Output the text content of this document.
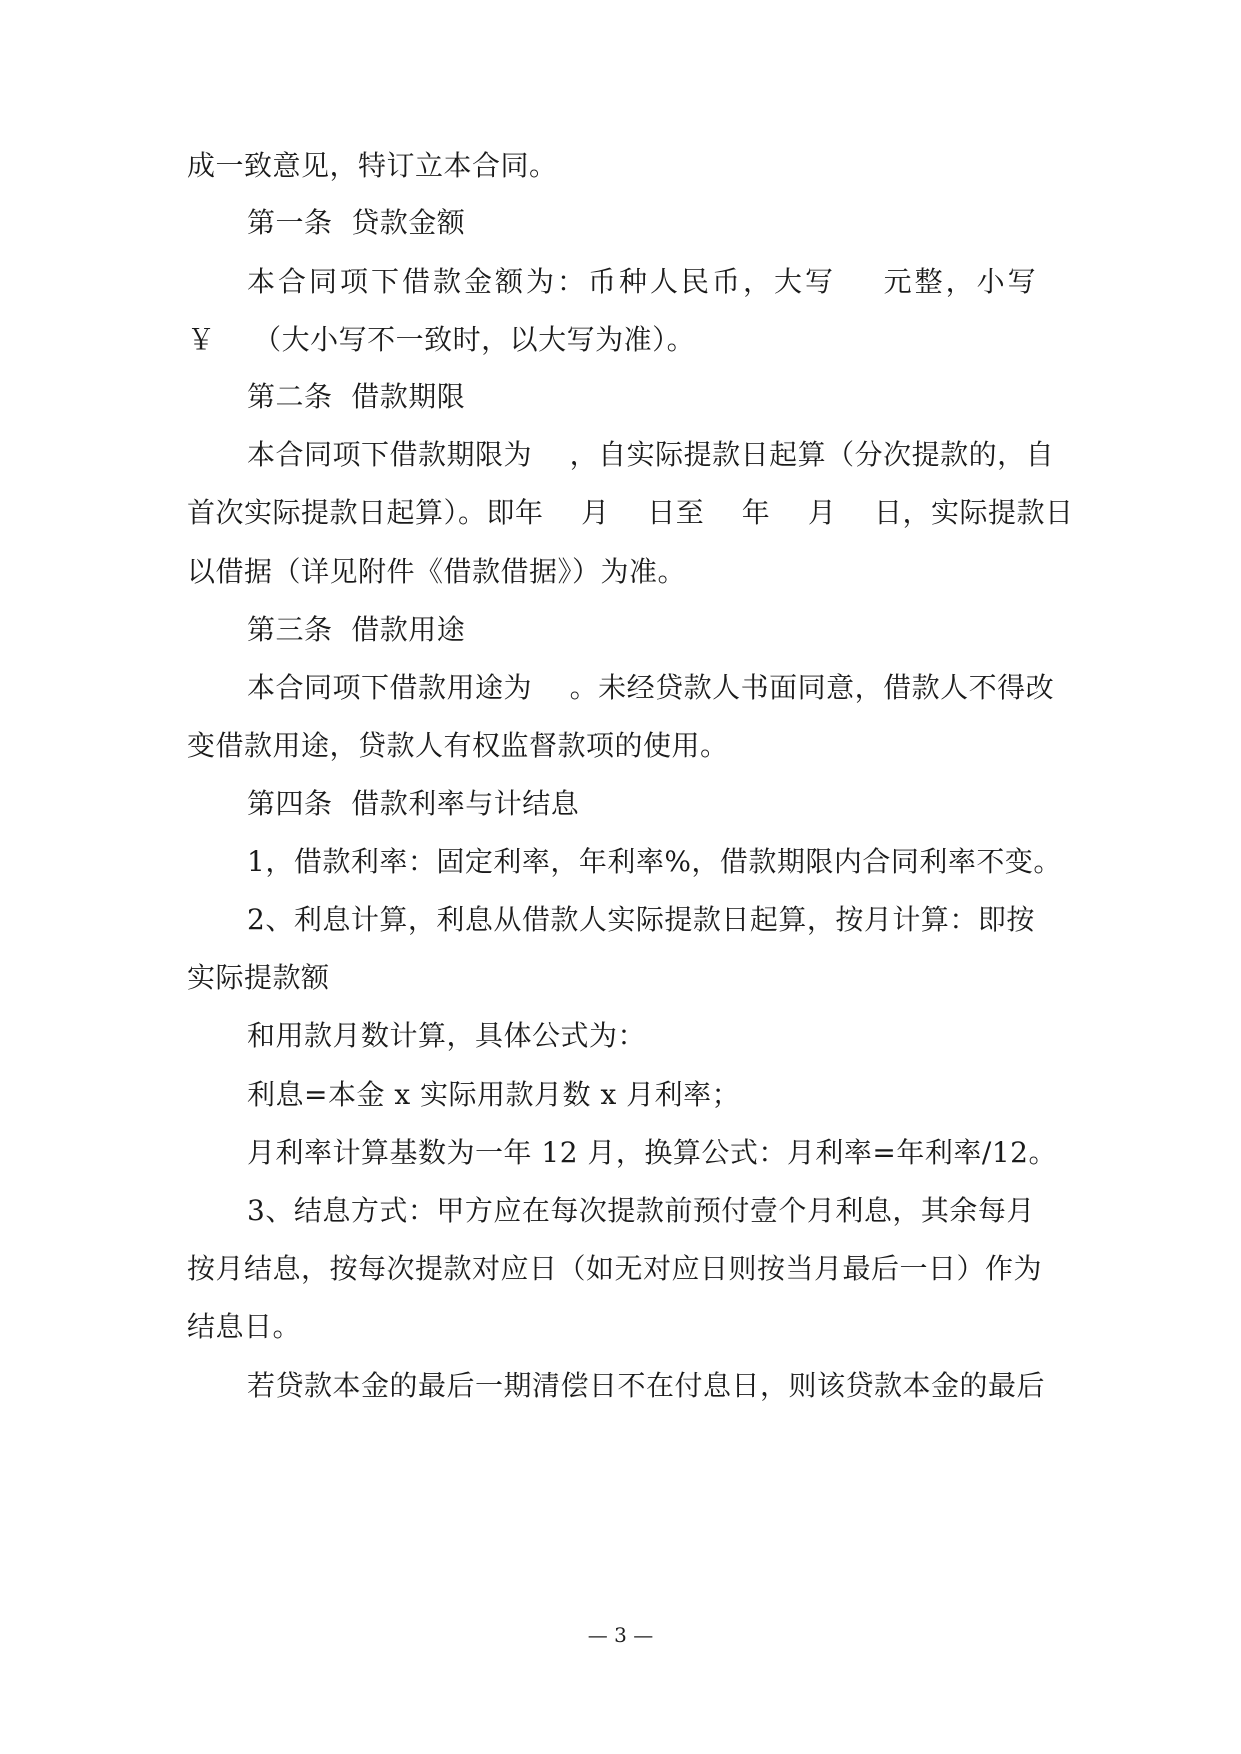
成一致意见，特订立本合同。
第一条  贷款金额
本合同项下借款金额为：币种人民币，大写    元整，小写
￥    （大小写不一致时，以大写为准）。
第二条  借款期限
本合同项下借款期限为    ，自实际提款日起算（分次提款的，自
首次实际提款日起算）。即年    月    日至    年    月    日，实际提款日
以借据（详见附件《借款借据》）为准。
第三条  借款用途
本合同项下借款用途为    。未经贷款人书面同意，借款人不得改
变借款用途，贷款人有权监督款项的使用。
第四条  借款利率与计结息
1，借款利率：固定利率，年利率%，借款期限内合同利率不变。
2、利息计算，利息从借款人实际提款日起算，按月计算：即按
实际提款额
和用款月数计算，具体公式为：
利息=本金 x 实际用款月数 x 月利率；
月利率计算基数为一年 12 月，换算公式：月利率=年利率/12。
3、结息方式：甲方应在每次提款前预付壹个月利息，其余每月
按月结息，按每次提款对应日（如无对应日则按当月最后一日）作为
结息日。
若贷款本金的最后一期清偿日不在付息日，则该贷款本金的最后
— 3 —
